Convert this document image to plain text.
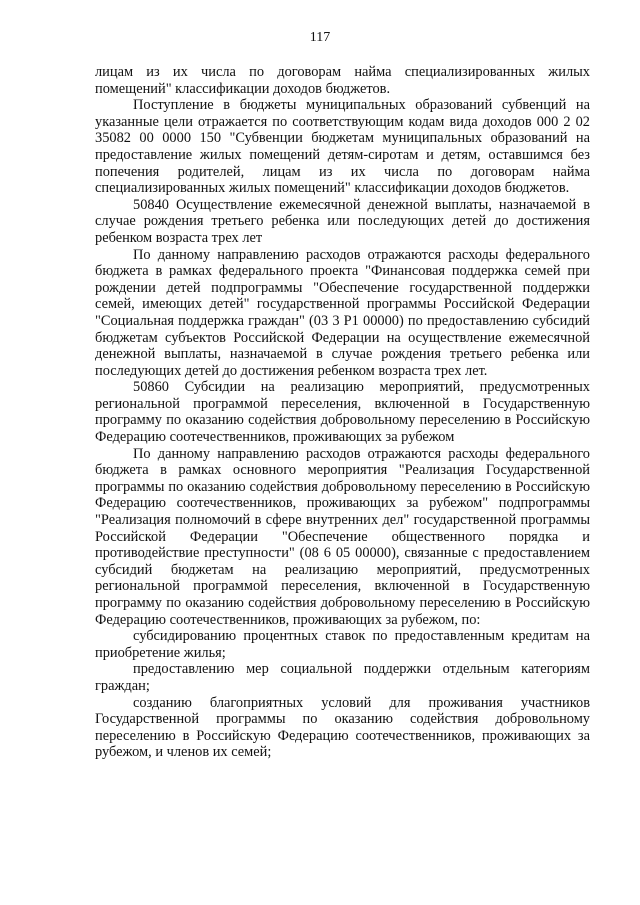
117

лицам из их числа по договорам найма специализированных жилых помещений" классификации доходов бюджетов.

Поступление в бюджеты муниципальных образований субвенций на указанные цели отражается по соответствующим кодам вида доходов 000 2 02 35082 00 0000 150 "Субвенции бюджетам муниципальных образований на предоставление жилых помещений детям-сиротам и детям, оставшимся без попечения родителей, лицам из их числа по договорам найма специализированных жилых помещений" классификации доходов бюджетов.

50840 Осуществление ежемесячной денежной выплаты, назначаемой в случае рождения третьего ребенка или последующих детей до достижения ребенком возраста трех лет

По данному направлению расходов отражаются расходы федерального бюджета в рамках федерального проекта "Финансовая поддержка семей при рождении детей подпрограммы "Обеспечение государственной поддержки семей, имеющих детей" государственной программы Российской Федерации "Социальная поддержка граждан" (03 3 Р1 00000) по предоставлению субсидий бюджетам субъектов Российской Федерации на осуществление ежемесячной денежной выплаты, назначаемой в случае рождения третьего ребенка или последующих детей до достижения ребенком возраста трех лет.

50860 Субсидии на реализацию мероприятий, предусмотренных региональной программой переселения, включенной в Государственную программу по оказанию содействия добровольному переселению в Российскую Федерацию соотечественников, проживающих за рубежом

По данному направлению расходов отражаются расходы федерального бюджета в рамках основного мероприятия "Реализация Государственной программы по оказанию содействия добровольному переселению в Российскую Федерацию соотечественников, проживающих за рубежом" подпрограммы "Реализация полномочий в сфере внутренних дел" государственной программы Российской Федерации "Обеспечение общественного порядка и противодействие преступности" (08 6 05 00000), связанные с предоставлением субсидий бюджетам на реализацию мероприятий, предусмотренных региональной программой переселения, включенной в Государственную программу по оказанию содействия добровольному переселению в Российскую Федерацию соотечественников, проживающих за рубежом, по:

субсидированию процентных ставок по предоставленным кредитам на приобретение жилья;

предоставлению мер социальной поддержки отдельным категориям граждан;

созданию благоприятных условий для проживания участников Государственной программы по оказанию содействия добровольному переселению в Российскую Федерацию соотечественников, проживающих за рубежом, и членов их семей;
